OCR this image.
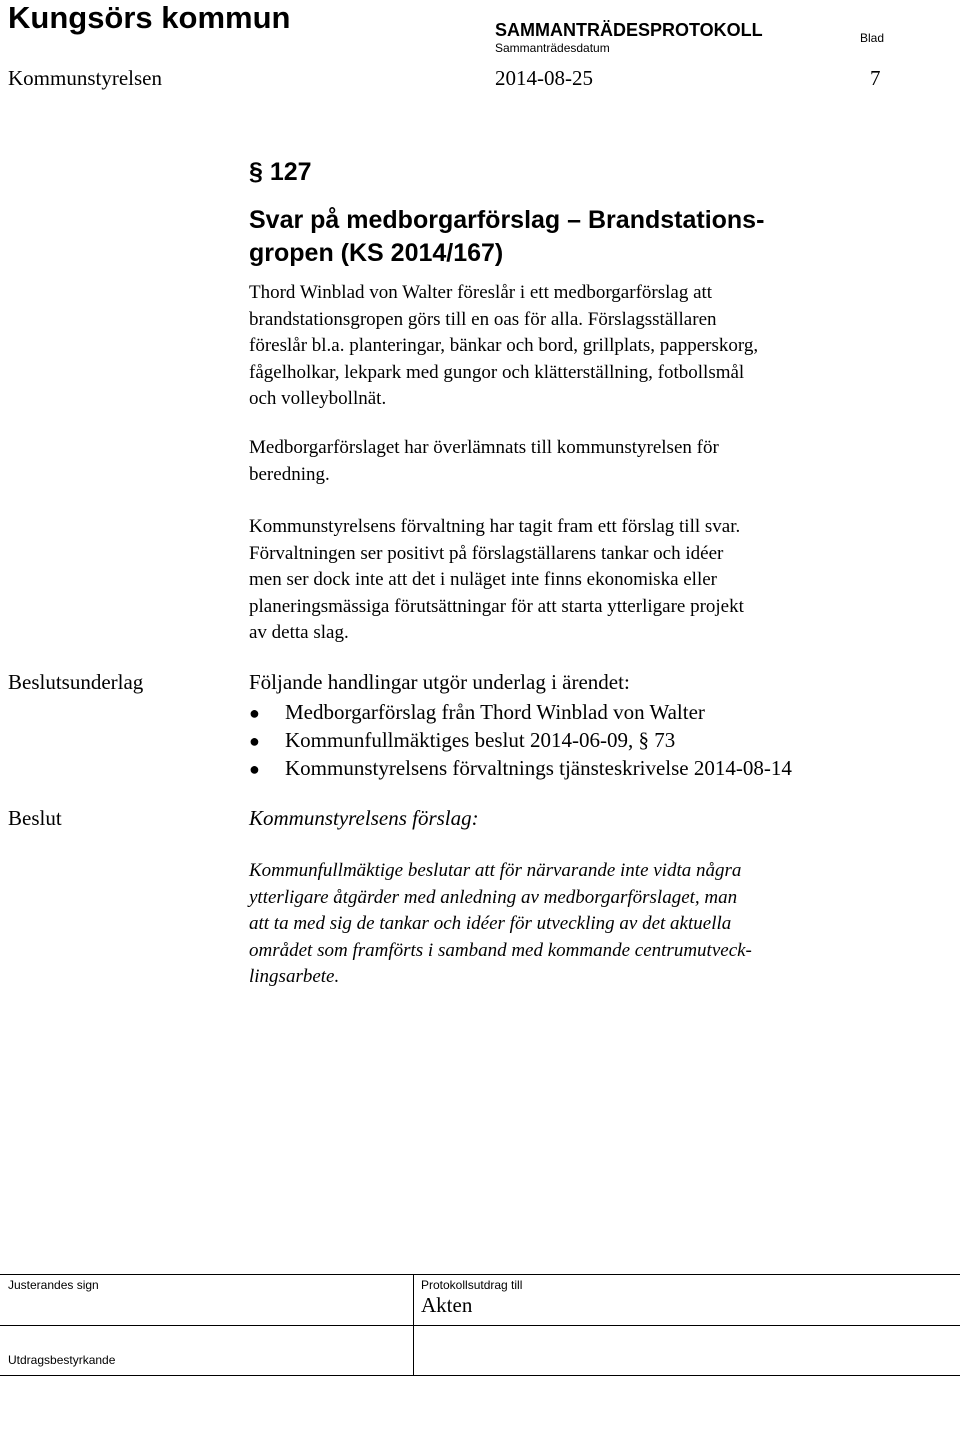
Kungsörs kommun	SAMMANTRÄDESPROTOKOLL
Sammanträdesdatum
Blad
Kommunstyrelsen	2014-08-25	7
§ 127
Svar på medborgarförslag – Brandstations-gropen (KS 2014/167)
Thord Winblad von Walter föreslår i ett medborgarförslag att
brandstationsgropen görs till en oas för alla. Förslagsställaren
föreslår bl.a. planteringar, bänkar och bord, grillplats, papperskorg,
fågelholkar, lekpark med gungor och klätterställning, fotbollsmål
och volleybollnät.
Medborgarförslaget har överlämnats till kommunstyrelsen för
beredning.
Kommunstyrelsens förvaltning har tagit fram ett förslag till svar.
Förvaltningen ser positivt på förslagställarens tankar och idéer
men ser dock inte att det i nuläget inte finns ekonomiska eller
planeringsmässiga förutsättningar för att starta ytterligare projekt
av detta slag.
Beslutsunderlag	Följande handlingar utgör underlag i ärendet:
● Medborgarförslag från Thord Winblad von Walter
● Kommunfullmäktiges beslut 2014-06-09, § 73
● Kommunstyrelsens förvaltnings tjänsteskrivelse 2014-08-14
Beslut	Kommunstyrelsens förslag:
Kommunfullmäktige beslutar att för närvarande inte vidta några
ytterligare åtgärder med anledning av medborgarförslaget, man
att ta med sig de tankar och idéer för utveckling av det aktuella
området som framförts i samband med kommande centrumutveck-
lingsarbete.
Justerandes sign	Protokollsutdrag till
Akten
Utdragsbestyrkande
